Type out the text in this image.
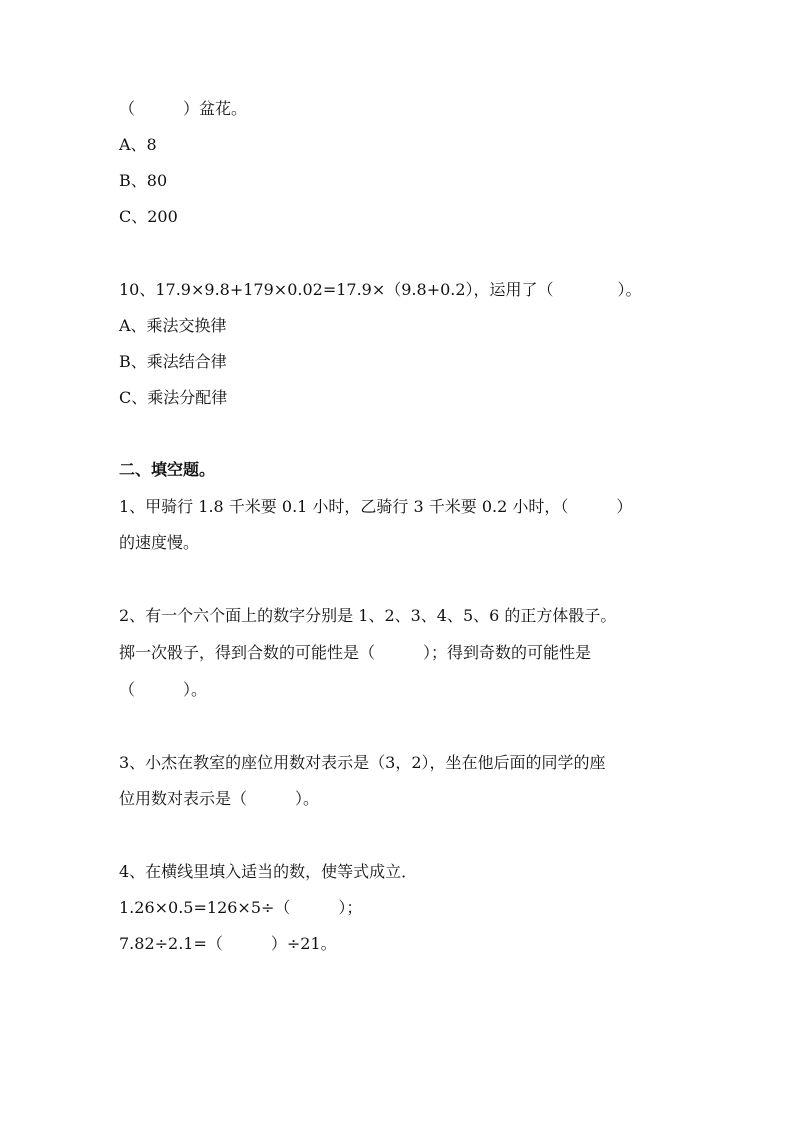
（　　　）盆花。
A、8
B、80
C、200
10、17.9×9.8+179×0.02=17.9×（9.8+0.2），运用了（　　　　）。
A、乘法交换律
B、乘法结合律
C、乘法分配律
二、填空题。
1、甲骑行 1.8 千米要 0.1 小时，乙骑行 3 千米要 0.2 小时，（　　　）
的速度慢。
2、有一个六个面上的数字分别是 1、2、3、4、5、6 的正方体骰子。
掷一次骰子，得到合数的可能性是（　　　）；得到奇数的可能性是
（　　　）。
3、小杰在教室的座位用数对表示是（3，2），坐在他后面的同学的座
位用数对表示是（　　　）。
4、在横线里填入适当的数，使等式成立．
1.26×0.5=126×5÷（　　　）；
7.82÷2.1=（　　　）÷21。
